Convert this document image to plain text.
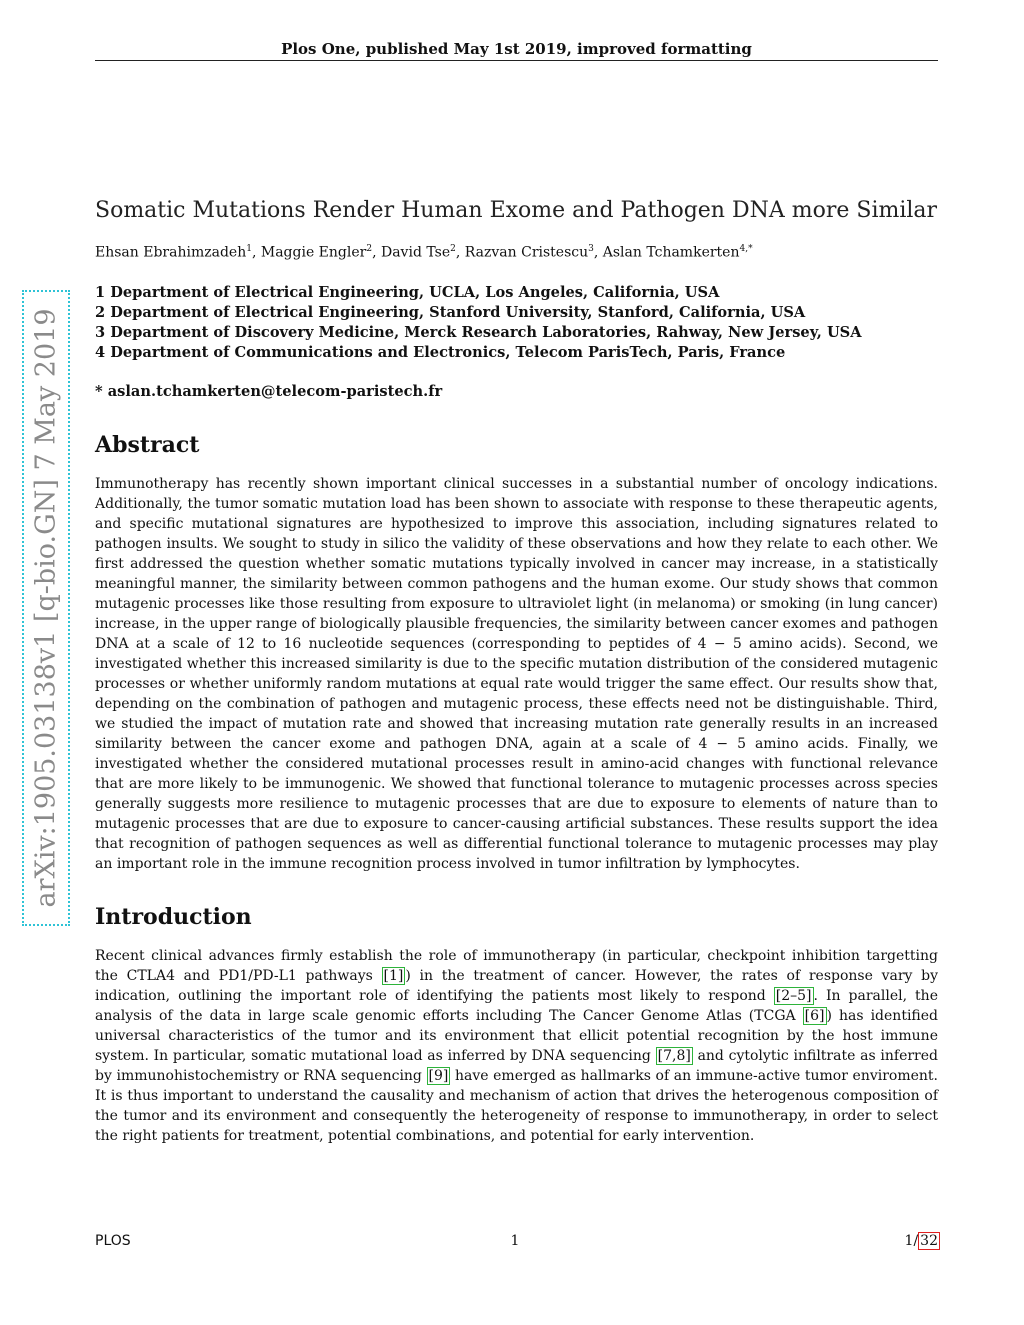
Plos One, published May 1st 2019, improved formatting
arXiv:1905.03138v1 [q-bio.GN] 7 May 2019
Somatic Mutations Render Human Exome and Pathogen DNA more Similar
Ehsan Ebrahimzadeh$^1$, Maggie Engler$^2$, David Tse$^2$, Razvan Cristescu$^3$, Aslan Tchamkerten$^{4,*}$
1 Department of Electrical Engineering, UCLA, Los Angeles, California, USA
2 Department of Electrical Engineering, Stanford University, Stanford, California, USA
3 Department of Discovery Medicine, Merck Research Laboratories, Rahway, New Jersey, USA
4 Department of Communications and Electronics, Telecom ParisTech, Paris, France
* aslan.tchamkerten@telecom-paristech.fr
Abstract

Immunotherapy has recently shown important clinical successes in a substantial number of oncology indications. Additionally, the tumor somatic mutation load has been shown to associate with response to these therapeutic agents, and specific mutational signatures are hypothesized to improve this association, including signatures related to pathogen insults. We sought to study in silico the validity of these observations and how they relate to each other. We first addressed the question whether somatic mutations typically involved in cancer may increase, in a statistically meaningful manner, the similarity between common pathogens and the human exome. Our study shows that common mutagenic processes like those resulting from exposure to ultraviolet light (in melanoma) or smoking (in lung cancer) increase, in the upper range of biologically plausible frequencies, the similarity between cancer exomes and pathogen DNA at a scale of 12 to 16 nucleotide sequences (corresponding to peptides of 4 − 5 amino acids). Second, we investigated whether this increased similarity is due to the specific mutation distribution of the considered mutagenic processes or whether uniformly random mutations at equal rate would trigger the same effect. Our results show that, depending on the combination of pathogen and mutagenic process, these effects need not be distinguishable. Third, we studied the impact of mutation rate and showed that increasing mutation rate generally results in an increased similarity between the cancer exome and pathogen DNA, again at a scale of 4 − 5 amino acids. Finally, we investigated whether the considered mutational processes result in amino-acid changes with functional relevance that are more likely to be immunogenic. We showed that functional tolerance to mutagenic processes across species generally suggests more resilience to mutagenic processes that are due to exposure to elements of nature than to mutagenic processes that are due to exposure to cancer-causing artificial substances. These results support the idea that recognition of pathogen sequences as well as differential functional tolerance to mutagenic processes may play an important role in the immune recognition process involved in tumor infiltration by lymphocytes.

Introduction

Recent clinical advances firmly establish the role of immunotherapy (in particular, checkpoint inhibition targetting the CTLA4 and PD1/PD-L1 pathways [1] ) in the treatment of cancer. However, the rates of response vary by indication, outlining the important role of identifying the patients most likely to respond [2–5] . In parallel, the analysis of the data in large scale genomic efforts including The Cancer Genome Atlas (TCGA [6] ) has identified universal characteristics of the tumor and its environment that ellicit potential recognition by the host immune system. In particular, somatic mutational load as inferred by DNA sequencing [7,8] and cytolytic infiltrate as inferred by immunohistochemistry or RNA sequencing [9] have emerged as hallmarks of an immune-active tumor enviroment. It is thus important to understand the causality and mechanism of action that drives the heterogenous composition of the tumor and its environment and consequently the heterogeneity of response to immunotherapy, in order to select the right patients for treatment, potential combinations, and potential for early intervention.

PLOS	1	1/ 32
